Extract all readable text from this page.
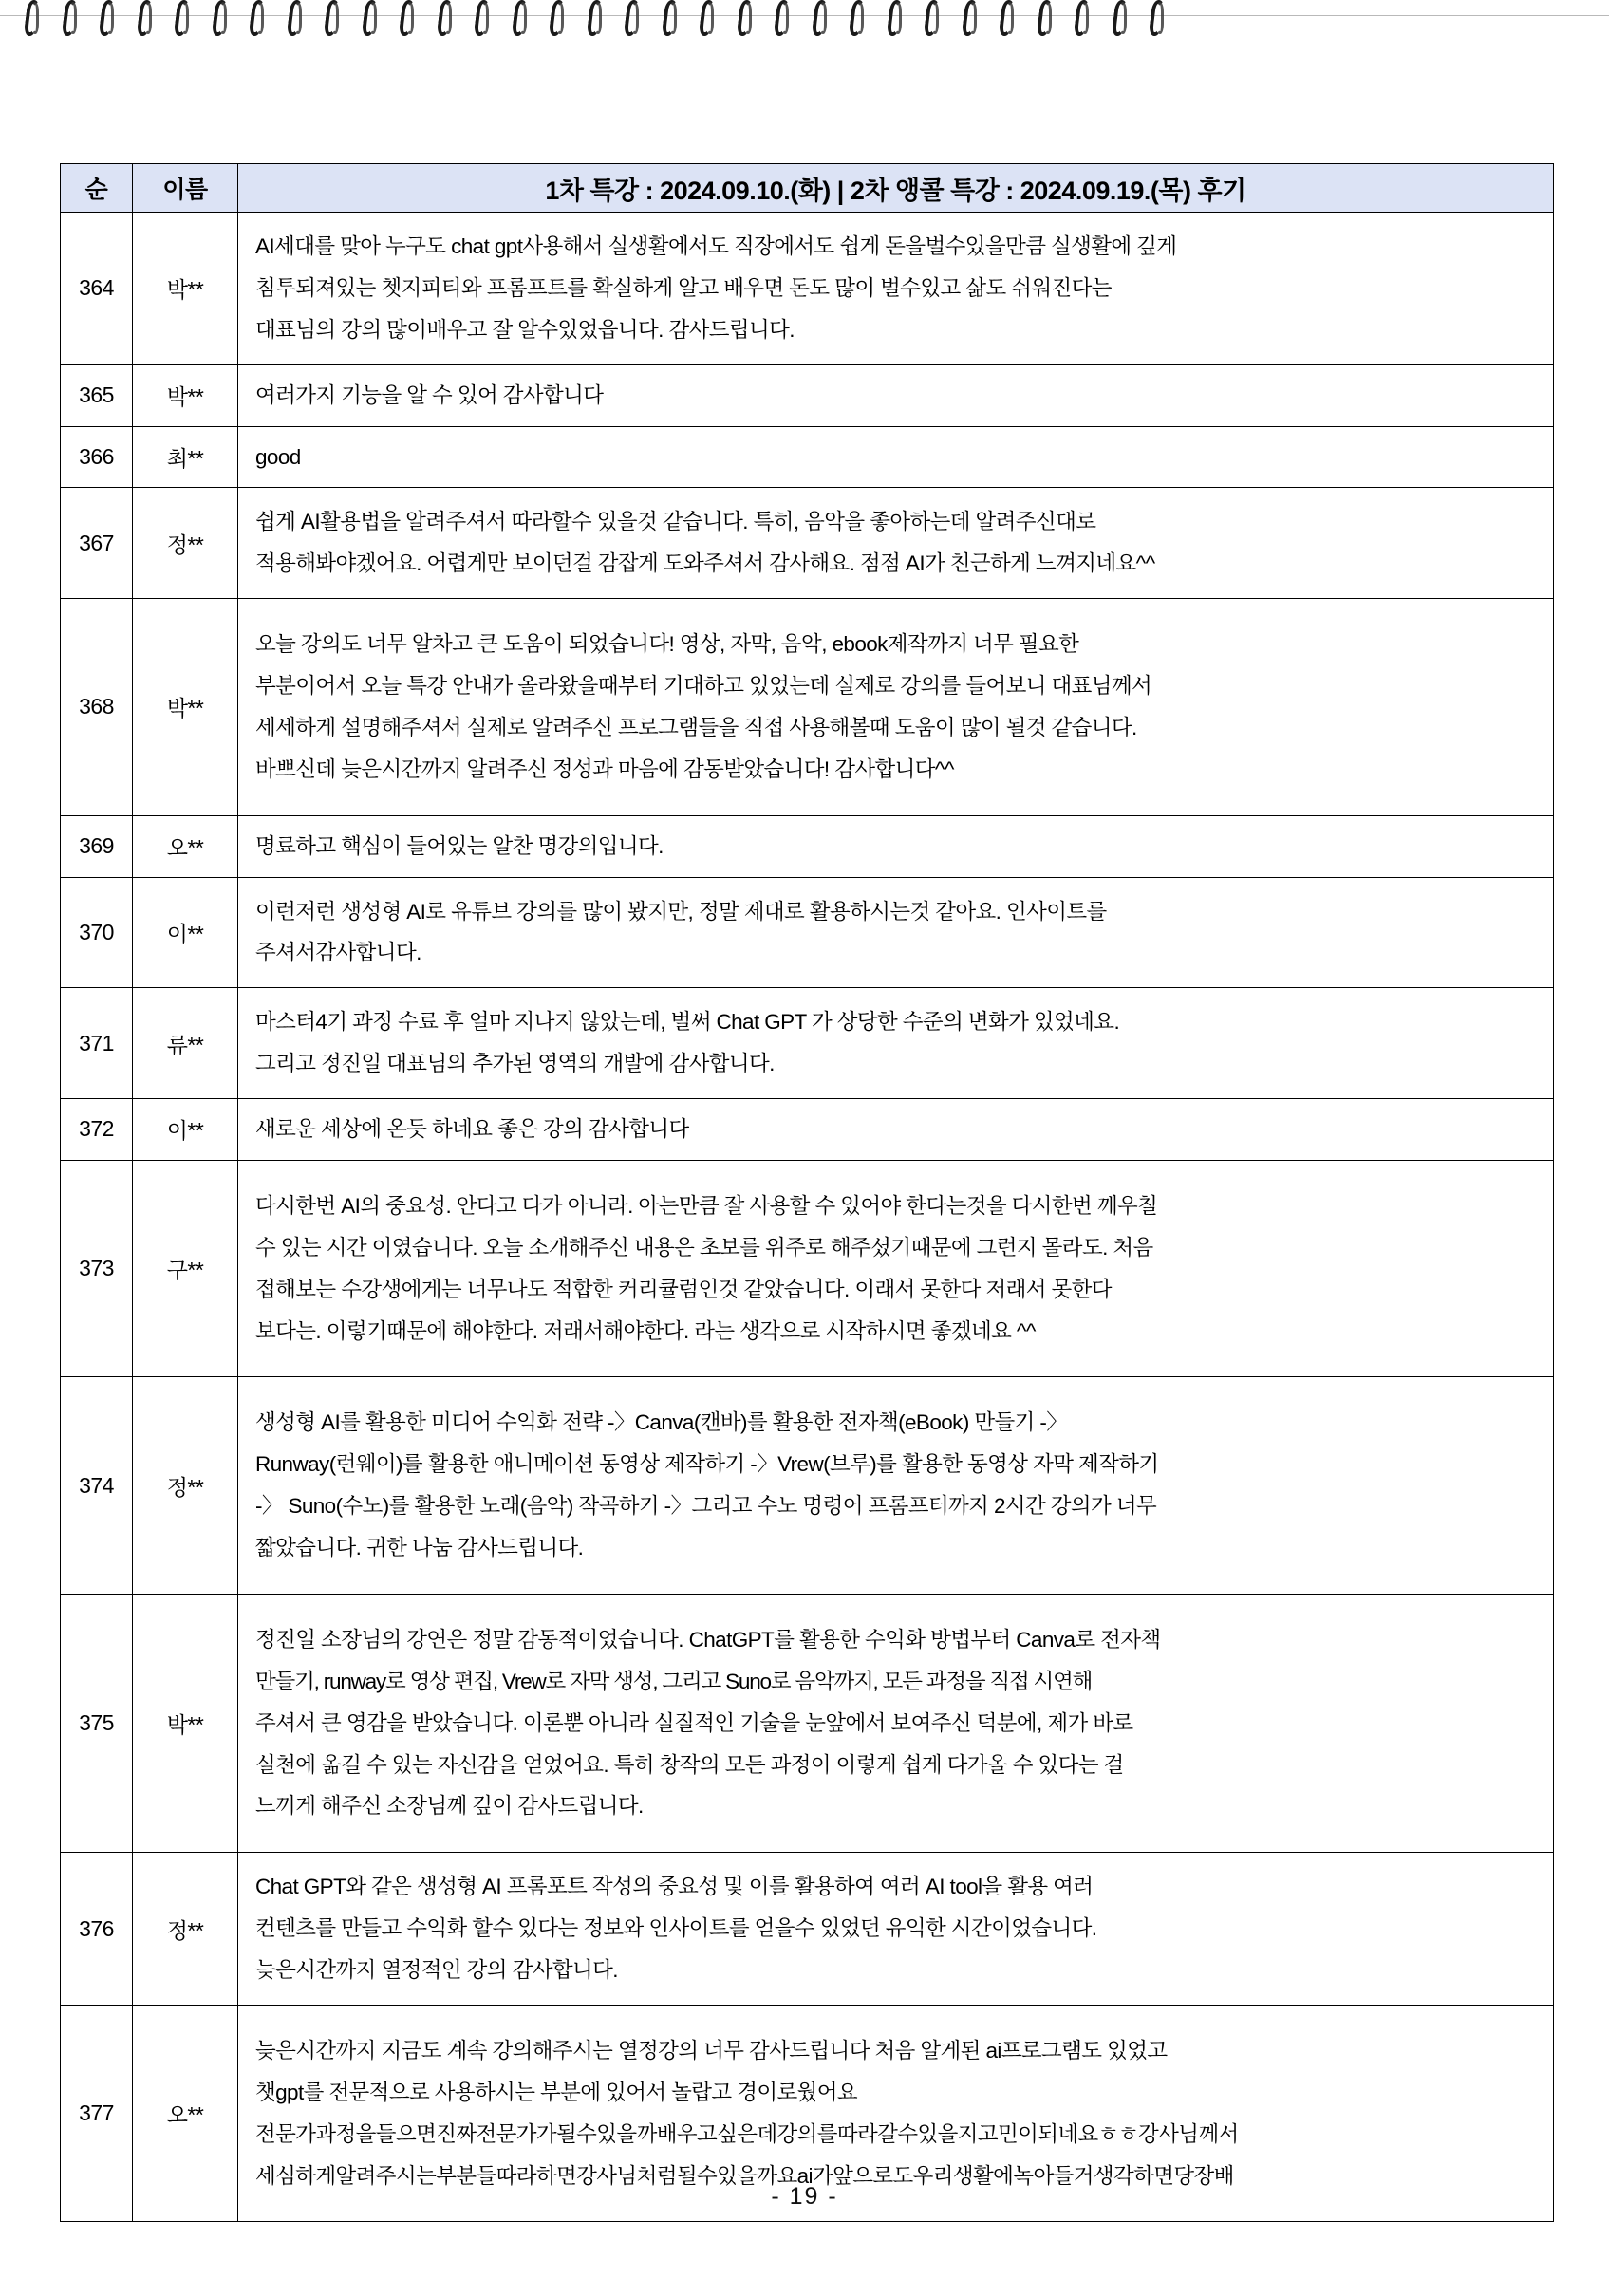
순	이름	1차 특강 : 2024.09.10.(화) | 2차 앵콜 특강 : 2024.09.19.(목) 후기
364	박**	AI세대를 맞아 누구도 chat gpt사용해서 실생활에서도 직장에서도 쉽게 돈을벌수있을만큼 실생활에 깊게

침투되져있는 쳇지피티와 프롬프트를 확실하게 알고 배우면 돈도 많이 벌수있고 삶도 쉬워진다는

대표님의 강의 많이배우고 잘 알수있었읍니다. 감사드립니다.

365	박**	여러가지 기능을 알 수 있어 감사합니다

366	최**	good

367	정**	쉽게 AI활용법을 알려주셔서 따라할수 있을것 같습니다. 특히, 음악을 좋아하는데 알려주신대로

적용해봐야겠어요. 어렵게만 보이던걸 감잡게 도와주셔서 감사해요. 점점 AI가 친근하게 느껴지네요^^

368	박**	오늘 강의도 너무 알차고 큰 도움이 되었습니다! 영상, 자막, 음악, ebook제작까지 너무 필요한

부분이어서 오늘 특강 안내가 올라왔을때부터 기대하고 있었는데 실제로 강의를 들어보니 대표님께서

세세하게 설명해주셔서 실제로 알려주신 프로그램들을 직접 사용해볼때 도움이 많이 될것 같습니다.

바쁘신데 늦은시간까지 알려주신 정성과 마음에 감동받았습니다! 감사합니다^^

369	오**	명료하고 핵심이 들어있는 알찬 명강의입니다.

370	이**	이런저런 생성형 AI로 유튜브 강의를 많이 봤지만, 정말 제대로 활용하시는것 같아요. 인사이트를

주셔서감사합니다.

371	류**	마스터4기 과정 수료 후 얼마 지나지 않았는데, 벌써 Chat GPT 가 상당한 수준의 변화가 있었네요.

그리고 정진일 대표님의 추가된 영역의 개발에 감사합니다.

372	이**	새로운 세상에 온듯 하네요 좋은 강의 감사합니다

373	구**	다시한번 AI의 중요성. 안다고 다가 아니라. 아는만큼 잘 사용할 수 있어야 한다는것을 다시한번 깨우칠

수 있는 시간 이였습니다. 오늘 소개해주신 내용은 초보를 위주로 해주셨기때문에 그런지 몰라도. 처음

접해보는 수강생에게는 너무나도 적합한 커리큘럼인것 같았습니다. 이래서 못한다 저래서 못한다

보다는. 이렇기때문에 해야한다. 저래서해야한다. 라는 생각으로 시작하시면 좋겠네요 ^^

374	정**	생성형 AI를 활용한 미디어 수익화 전략 -〉Canva(캔바)를 활용한 전자책(eBook) 만들기 -〉

Runway(런웨이)를 활용한 애니메이션 동영상 제작하기 -〉Vrew(브루)를 활용한 동영상 자막 제작하기

-〉 Suno(수노)를 활용한 노래(음악) 작곡하기 -〉그리고 수노 명령어 프롬프터까지 2시간 강의가 너무

짧았습니다. 귀한 나눔 감사드립니다.

375	박**	정진일 소장님의 강연은 정말 감동적이었습니다. ChatGPT를 활용한 수익화 방법부터 Canva로 전자책

만들기, runway로 영상 편집, Vrew로 자막 생성, 그리고 Suno로 음악까지, 모든 과정을 직접 시연해

주셔서 큰 영감을 받았습니다. 이론뿐 아니라 실질적인 기술을 눈앞에서 보여주신 덕분에, 제가 바로

실천에 옮길 수 있는 자신감을 얻었어요. 특히 창작의 모든 과정이 이렇게 쉽게 다가올 수 있다는 걸

느끼게 해주신 소장님께 깊이 감사드립니다.

376	정**	Chat GPT와 같은 생성형 AI 프롬포트 작성의 중요성 및 이를 활용하여 여러 AI tool을 활용 여러

컨텐츠를 만들고 수익화 할수 있다는 정보와 인사이트를 얻을수 있었던 유익한 시간이었습니다.

늦은시간까지 열정적인 강의 감사합니다.

377	오**	늦은시간까지 지금도 계속 강의해주시는 열정강의 너무 감사드립니다 처음 알게된 ai프로그램도 있었고

챗gpt를 전문적으로 사용하시는 부분에 있어서 놀랍고 경이로웠어요

전문가과정을들으면진짜전문가가될수있을까배우고싶은데강의를따라갈수있을지고민이되네요ㅎㅎ강사님께서

세심하게알려주시는부분들따라하면강사님처럼될수있을까요ai가앞으로도우리생활에녹아들거생각하면당장배

- 19 -
